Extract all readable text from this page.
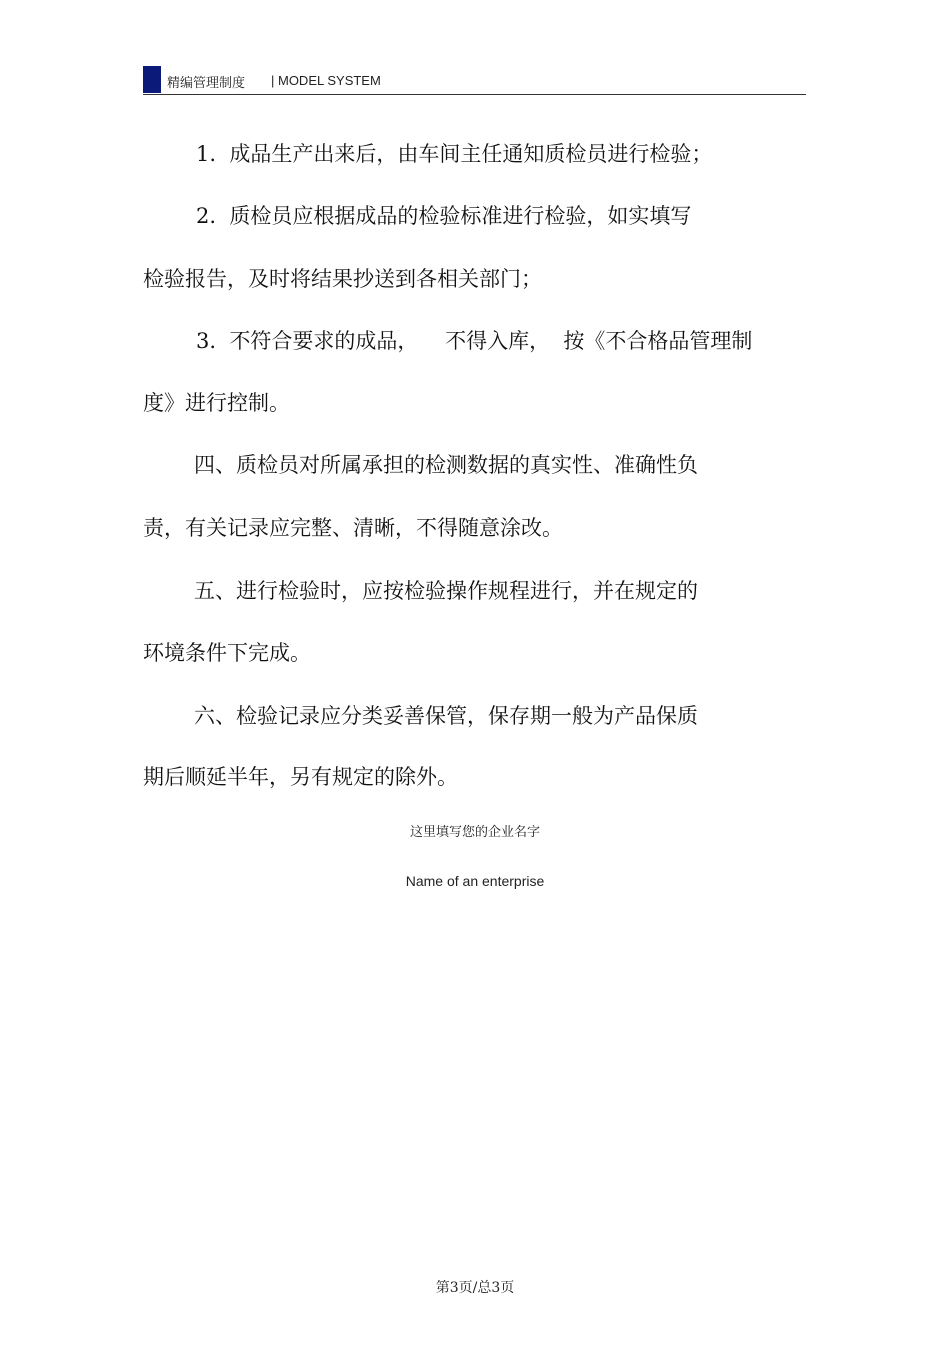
精编管理制度 | MODEL SYSTEM
1.  成品生产出来后，由车间主任通知质检员进行检验；
2.  质检员应根据成品的检验标准进行检验，如实填写
检验报告，及时将结果抄送到各相关部门；
3.  不符合要求的成品，    不得入库，  按《不合格品管理制
度》进行控制。
四、质检员对所属承担的检测数据的真实性、准确性负
责，有关记录应完整、清晰，不得随意涂改。
五、进行检验时，应按检验操作规程进行，并在规定的
环境条件下完成。
六、检验记录应分类妥善保管，保存期一般为产品保质
期后顺延半年，另有规定的除外。
这里填写您的企业名字
Name of an enterprise
第3页/总3页
